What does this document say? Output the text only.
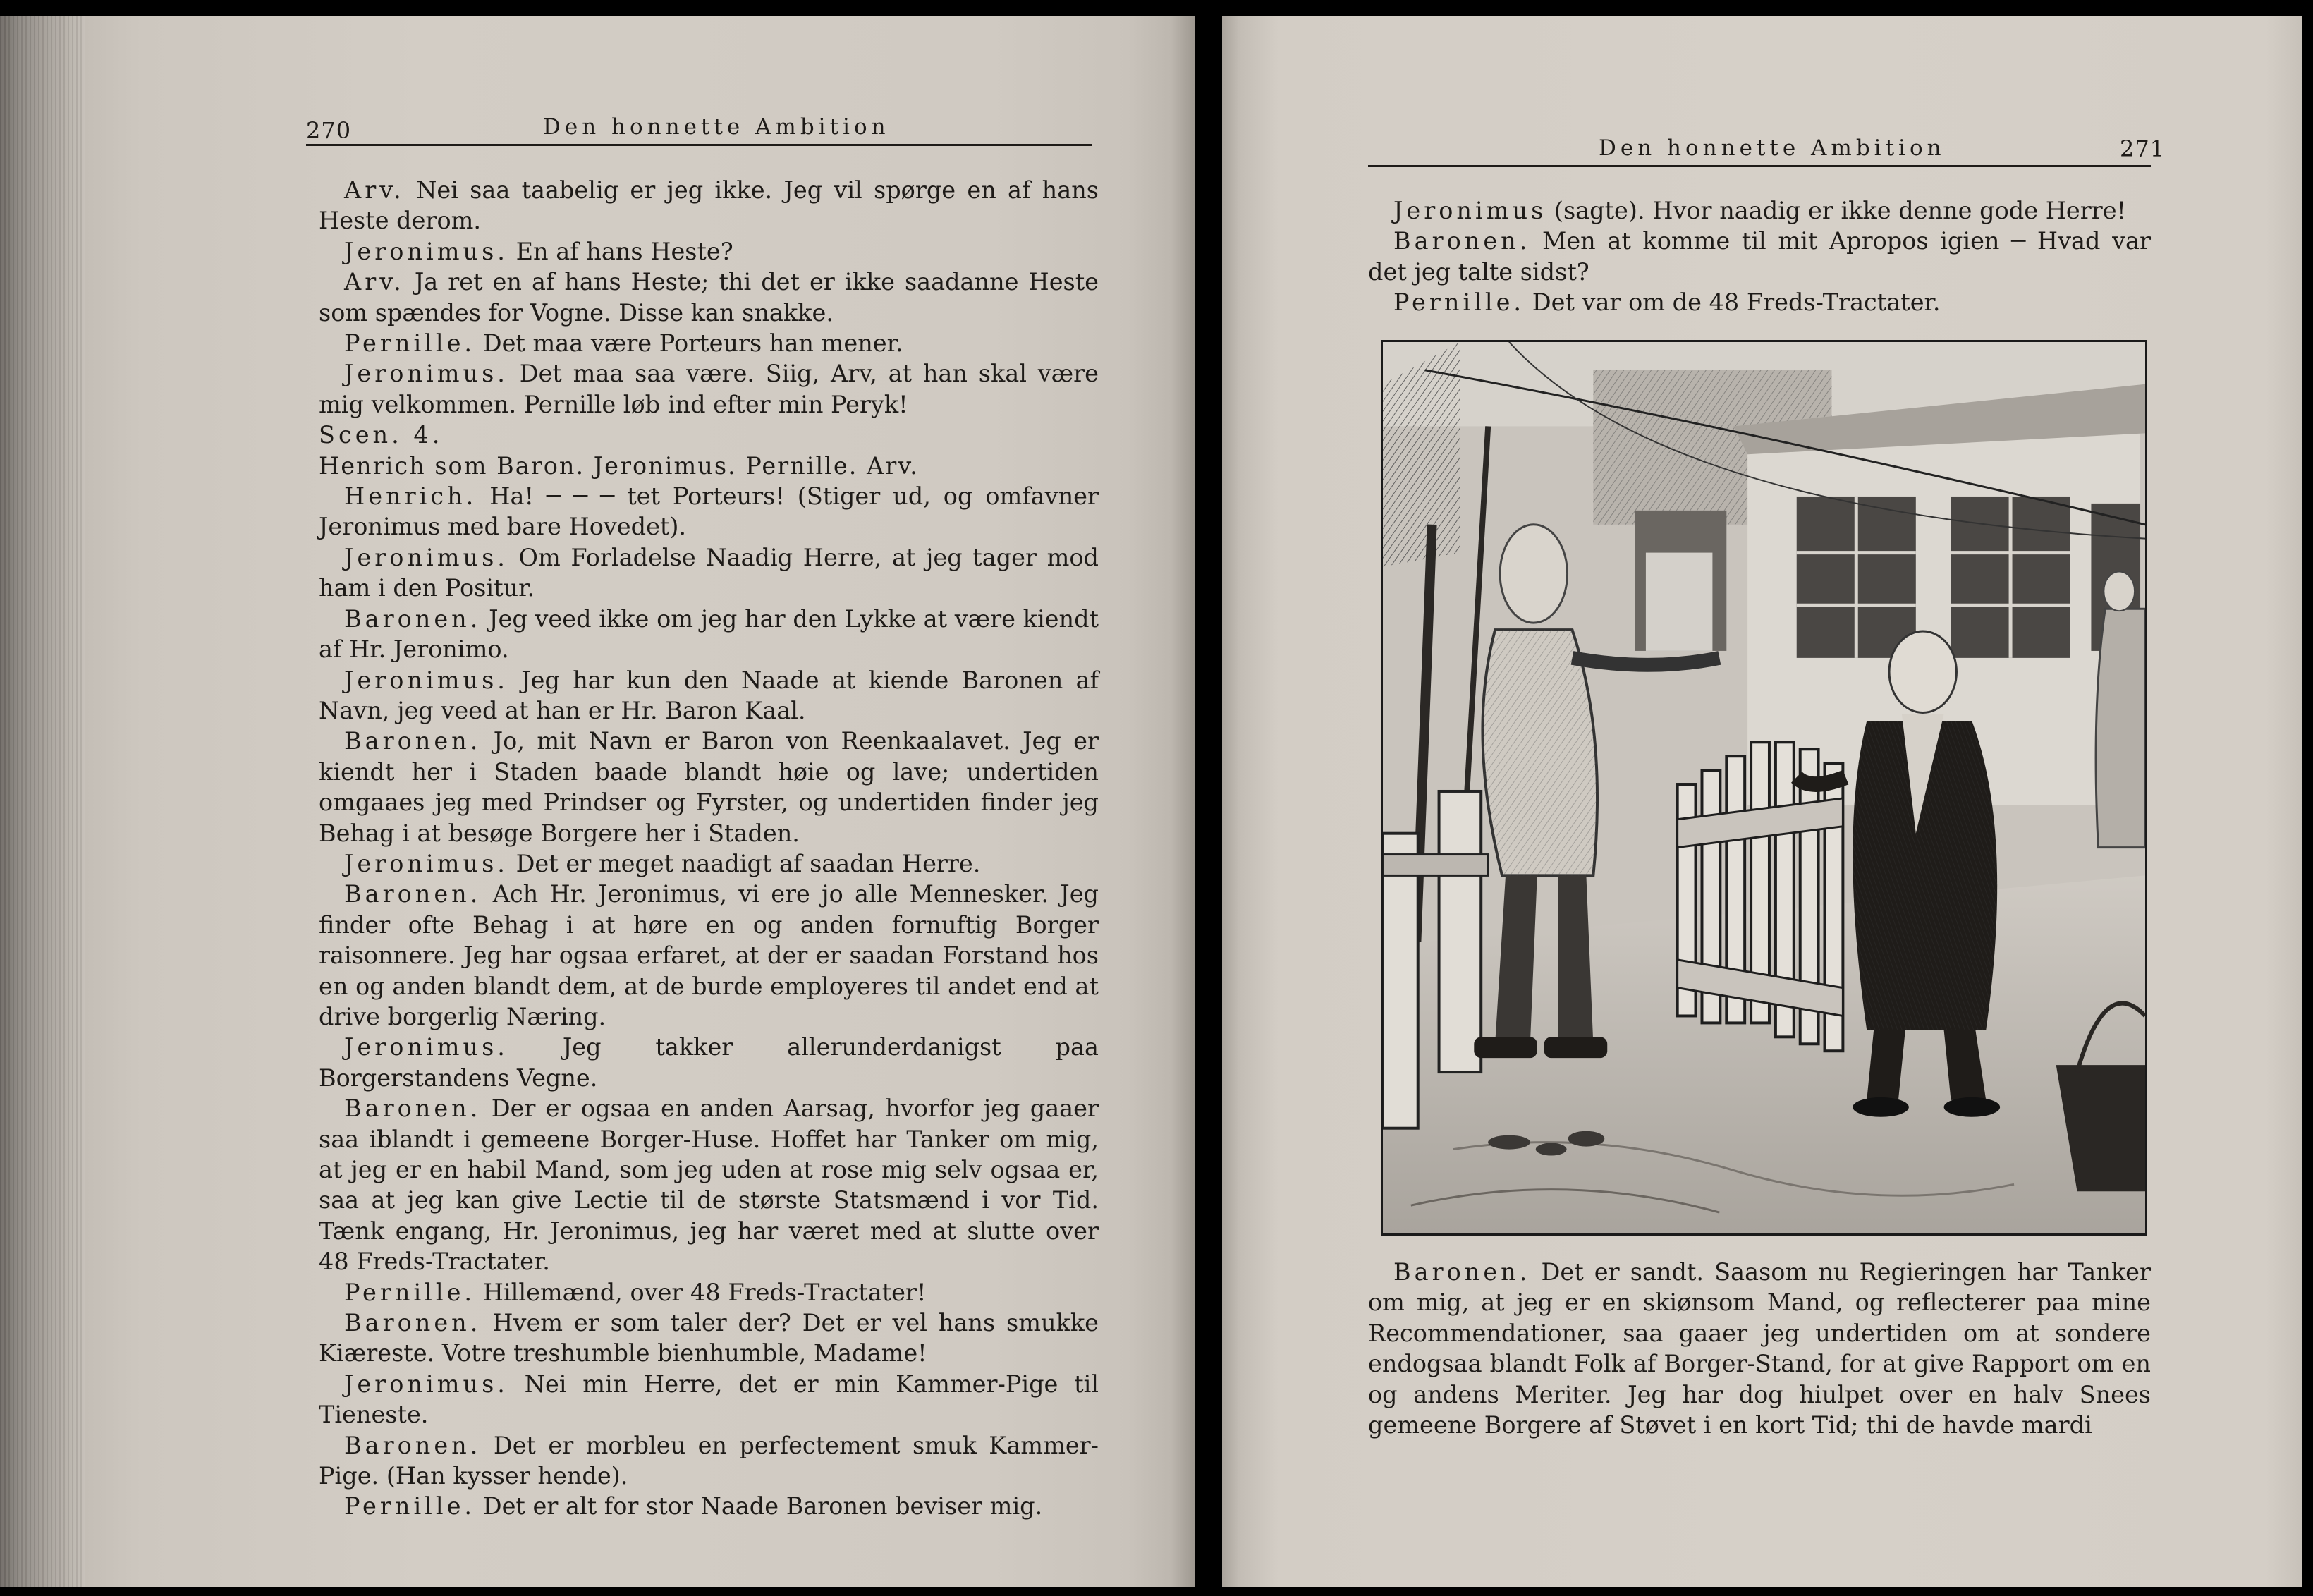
270	Den honnette Ambition

Arv. Nei saa taabelig er jeg ikke. Jeg vil spørge en af hans Heste derom.

Jeronimus. En af hans Heste?

Arv. Ja ret en af hans Heste; thi det er ikke saadanne Heste som spændes for Vogne. Disse kan snakke.

Pernille. Det maa være Porteurs han mener.

Jeronimus. Det maa saa være. Siig, Arv, at han skal være mig velkommen. Pernille løb ind efter min Peryk!

Scen. 4.

Henrich som Baron. Jeronimus. Pernille. Arv.

Henrich. Ha! ─ ─ ─ tet Porteurs! (Stiger ud, og omfavner Jeronimus med bare Hovedet).

Jeronimus. Om Forladelse Naadig Herre, at jeg tager mod ham i den Positur.

Baronen. Jeg veed ikke om jeg har den Lykke at være kiendt af Hr. Jeronimo.

Jeronimus. Jeg har kun den Naade at kiende Baronen af Navn, jeg veed at han er Hr. Baron Kaal.

Baronen. Jo, mit Navn er Baron von Reenkaalavet. Jeg er kiendt her i Staden baade blandt høie og lave; undertiden omgaaes jeg med Prindser og Fyrster, og undertiden finder jeg Behag i at besøge Borgere her i Staden.

Jeronimus. Det er meget naadigt af saadan Herre.

Baronen. Ach Hr. Jeronimus, vi ere jo alle Mennesker. Jeg finder ofte Behag i at høre en og anden fornuftig Borger raisonnere. Jeg har ogsaa erfaret, at der er saadan Forstand hos en og anden blandt dem, at de burde employeres til andet end at drive borgerlig Næring.

Jeronimus. Jeg takker allerunderdanigst paa Borgerstandens Vegne.

Baronen. Der er ogsaa en anden Aarsag, hvorfor jeg gaaer saa iblandt i gemeene Borger-Huse. Hoffet har Tanker om mig, at jeg er en habil Mand, som jeg uden at rose mig selv ogsaa er, saa at jeg kan give Lectie til de største Statsmænd i vor Tid. Tænk engang, Hr. Jeronimus, jeg har været med at slutte over 48 Freds-Tractater.

Pernille. Hillemænd, over 48 Freds-Tractater!

Baronen. Hvem er som taler der? Det er vel hans smukke Kiæreste. Votre treshumble bienhumble, Madame!

Jeronimus. Nei min Herre, det er min Kammer-Pige til Tieneste.

Baronen. Det er morbleu en perfectement smuk Kammer-Pige. (Han kysser hende).

Pernille. Det er alt for stor Naade Baronen beviser mig.

Den honnette Ambition	271

Jeronimus (sagte). Hvor naadig er ikke denne gode Herre!

Baronen. Men at komme til mit Apropos igien ─ Hvad var det jeg talte sidst?

Pernille. Det var om de 48 Freds-Tractater.

Baronen. Det er sandt. Saasom nu Regieringen har Tanker om mig, at jeg er en skiønsom Mand, og reflecterer paa mine Recommendationer, saa gaaer jeg undertiden om at sondere endogsaa blandt Folk af Borger-Stand, for at give Rapport om en og andens Meriter. Jeg har dog hiulpet over en halv Snees gemeene Borgere af Støvet i en kort Tid; thi de havde mardi
